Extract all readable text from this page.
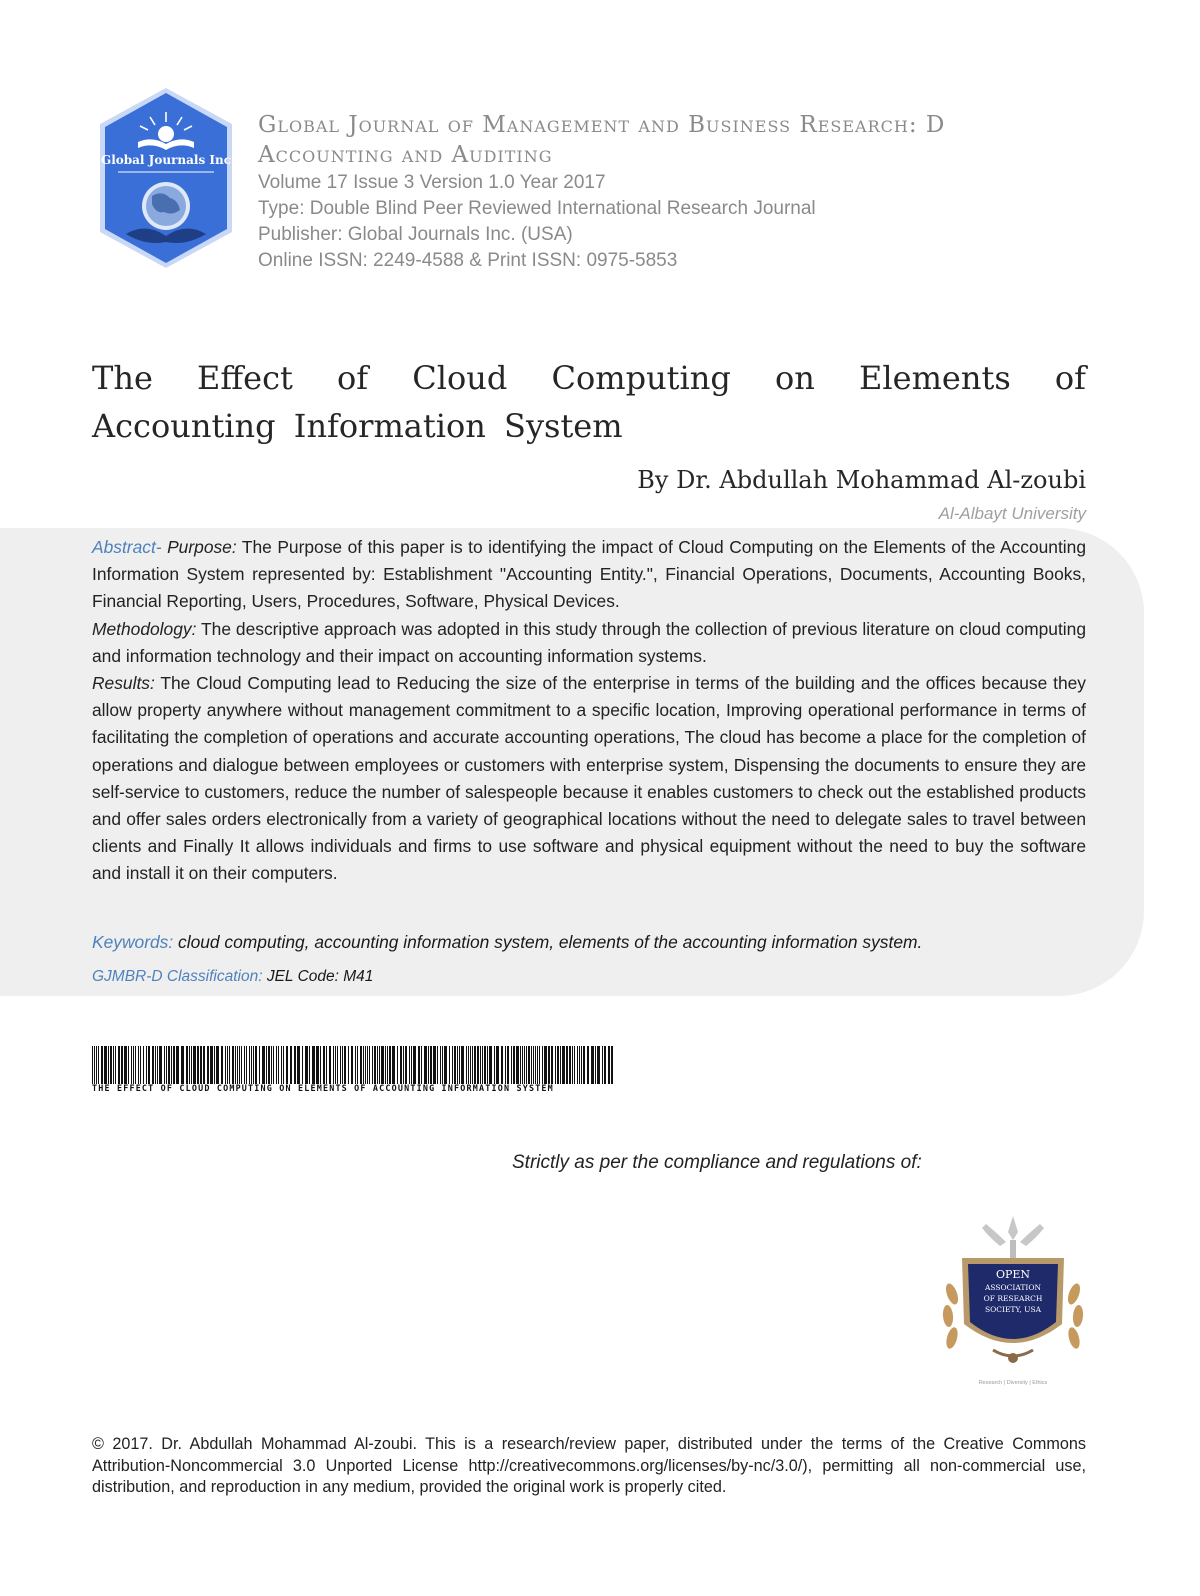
Global Journals Inc
Global Journal of Management and Business Research: D
Accounting and Auditing
Volume 17 Issue 3 Version 1.0 Year 2017
Type: Double Blind Peer Reviewed International Research Journal
Publisher: Global Journals Inc. (USA)
Online ISSN: 2249-4588 & Print ISSN: 0975-5853
The Effect of Cloud Computing on Elements of Accounting Information System
By Dr. Abdullah Mohammad Al-zoubi
Al-Albayt University

Abstract- Purpose: The Purpose of this paper is to identifying the impact of Cloud Computing on the Elements of the Accounting Information System represented by: Establishment "Accounting Entity.", Financial Operations, Documents, Accounting Books, Financial Reporting, Users, Procedures, Software, Physical Devices.

Methodology: The descriptive approach was adopted in this study through the collection of previous literature on cloud computing and information technology and their impact on accounting information systems.

Results: The Cloud Computing lead to Reducing the size of the enterprise in terms of the building and the offices because they allow property anywhere without management commitment to a specific location, Improving operational performance in terms of facilitating the completion of operations and accurate accounting operations, The cloud has become a place for the completion of operations and dialogue between employees or customers with enterprise system, Dispensing the documents to ensure they are self-service to customers, reduce the number of salespeople because it enables customers to check out the established products and offer sales orders electronically from a variety of geographical locations without the need to delegate sales to travel between clients and Finally It allows individuals and firms to use software and physical equipment without the need to buy the software and install it on their computers.

Keywords: cloud computing, accounting information system, elements of the accounting information system.
GJMBR-D Classification: JEL Code: M41
THE EFFECT OF CLOUD COMPUTING ON ELEMENTS OF ACCOUNTING INFORMATION SYSTEM
Strictly as per the compliance and regulations of:
OPEN
ASSOCIATION
OF RESEARCH
SOCIETY, USA
Research | Diversity | Ethics
© 2017. Dr. Abdullah Mohammad Al-zoubi. This is a research/review paper, distributed under the terms of the Creative Commons Attribution-Noncommercial 3.0 Unported License http://creativecommons.org/licenses/by-nc/3.0/), permitting all non-commercial use, distribution, and reproduction in any medium, provided the original work is properly cited.
